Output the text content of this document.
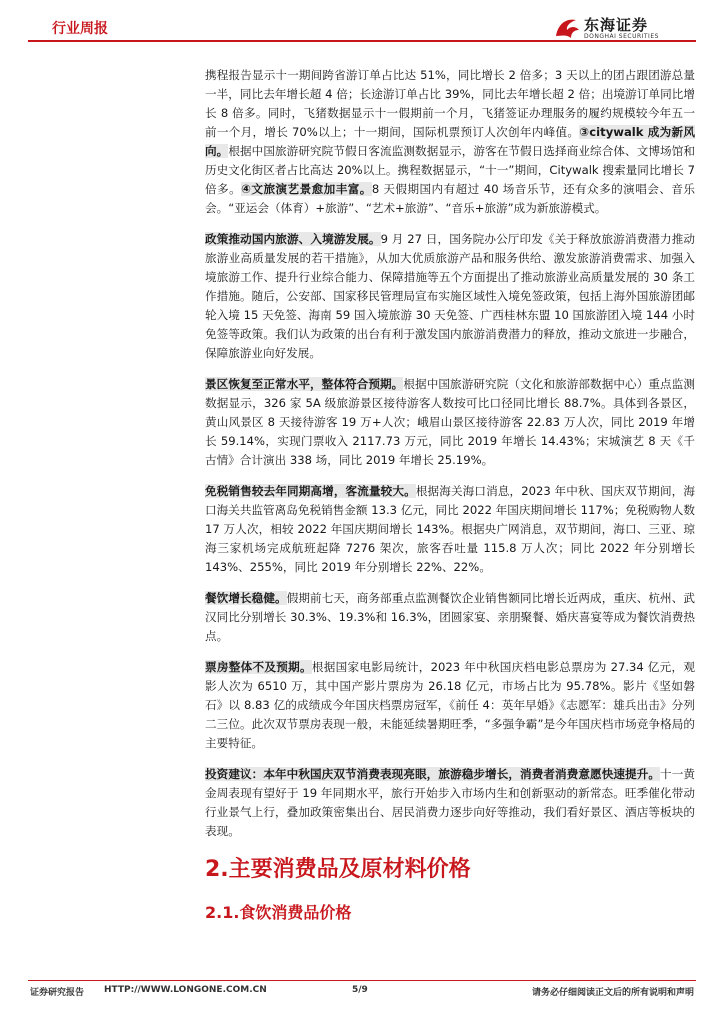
行业周报	东海证券
DONGHAI SECURITIES

携程报告显示十一期间跨省游订单占比达 51%，同比增长 2 倍多；3 天以上的团占跟团游总量一半，同比去年增长超 4 倍；长途游订单占比 39%，同比去年增长超 2 倍；出境游订单同比增长 8 倍多。同时，飞猪数据显示十一假期前一个月，飞猪签证办理服务的履约规模较今年五一前一个月，增长 70%以上；十一期间，国际机票预订人次创年内峰值。③citywalk 成为新风向。根据中国旅游研究院节假日客流监测数据显示，游客在节假日选择商业综合体、文博场馆和历史文化街区者占比高达 20%以上。携程数据显示，“十一”期间，Citywalk 搜索量同比增长 7 倍多。④文旅演艺景愈加丰富。8 天假期国内有超过 40 场音乐节，还有众多的演唱会、音乐会。“亚运会（体育）+旅游”、“艺术+旅游”、“音乐+旅游”成为新旅游模式。

政策推动国内旅游、入境游发展。9 月 27 日，国务院办公厅印发《关于释放旅游消费潜力推动旅游业高质量发展的若干措施》，从加大优质旅游产品和服务供给、激发旅游消费需求、加强入境旅游工作、提升行业综合能力、保障措施等五个方面提出了推动旅游业高质量发展的 30 条工作措施。随后，公安部、国家移民管理局宣布实施区域性入境免签政策，包括上海外国旅游团邮轮入境 15 天免签、海南 59 国入境旅游 30 天免签、广西桂林东盟 10 国旅游团入境 144 小时免签等政策。我们认为政策的出台有利于激发国内旅游消费潜力的释放，推动文旅进一步融合，保障旅游业向好发展。

景区恢复至正常水平，整体符合预期。根据中国旅游研究院（文化和旅游部数据中心）重点监测数据显示，326 家 5A 级旅游景区接待游客人数按可比口径同比增长 88.7%。具体到各景区，黄山风景区 8 天接待游客 19 万+人次；峨眉山景区接待游客 22.83 万人次，同比 2019 年增长 59.14%，实现门票收入 2117.73 万元，同比 2019 年增长 14.43%；宋城演艺 8 天《千古情》合计演出 338 场，同比 2019 年增长 25.19%。

免税销售较去年同期高增，客流量较大。根据海关海口消息，2023 年中秋、国庆双节期间，海口海关共监管离岛免税销售金额 13.3 亿元，同比 2022 年国庆期间增长 117%；免税购物人数 17 万人次，相较 2022 年国庆期间增长 143%。根据央广网消息，双节期间，海口、三亚、琼海三家机场完成航班起降 7276 架次，旅客吞吐量 115.8 万人次；同比 2022 年分别增长 143%、255%，同比 2019 年分别增长 22%、22%。

餐饮增长稳健。假期前七天，商务部重点监测餐饮企业销售额同比增长近两成，重庆、杭州、武汉同比分别增长 30.3%、19.3%和 16.3%，团圆家宴、亲朋聚餐、婚庆喜宴等成为餐饮消费热点。

票房整体不及预期。根据国家电影局统计，2023 年中秋国庆档电影总票房为 27.34 亿元，观影人次为 6510 万，其中国产影片票房为 26.18 亿元，市场占比为 95.78%。影片《坚如磐石》以 8.83 亿的成绩成今年国庆档票房冠军，《前任 4：英年早婚》《志愿军：雄兵出击》分列二三位。此次双节票房表现一般，未能延续暑期旺季，“多强争霸”是今年国庆档市场竞争格局的主要特征。

投资建议：本年中秋国庆双节消费表现亮眼，旅游稳步增长，消费者消费意愿快速提升。十一黄金周表现有望好于 19 年同期水平，旅行开始步入市场内生和创新驱动的新常态。旺季催化带动行业景气上行，叠加政策密集出台、居民消费力逐步向好等推动，我们看好景区、酒店等板块的表现。

2.主要消费品及原材料价格
2.1.食饮消费品价格
证券研究报告 HTTP://WWW.LONGONE.COM.CN	5/9	请务必仔细阅读正文后的所有说明和声明
